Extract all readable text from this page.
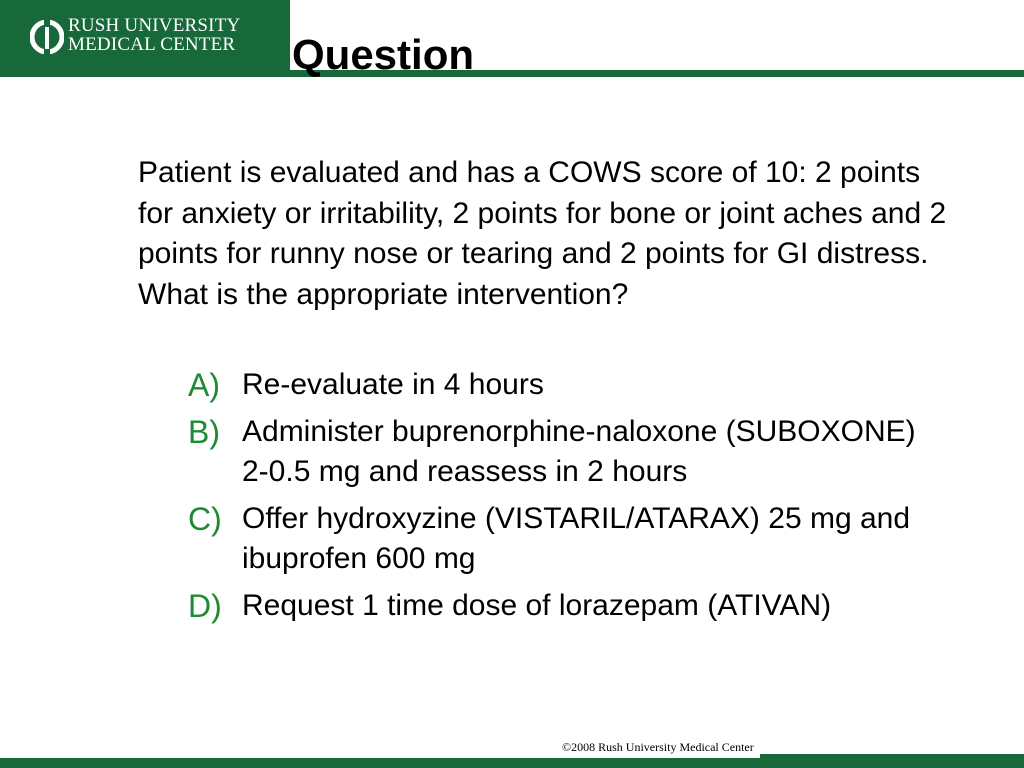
RUSH UNIVERSITY
MEDICAL CENTER Question

Patient is evaluated and has a COWS score of 10: 2 points for anxiety or irritability, 2 points for bone or joint aches and 2 points for runny nose or tearing and 2 points for GI distress. What is the appropriate intervention?

A) Re-evaluate in 4 hours
B) Administer buprenorphine-naloxone (SUBOXONE) 2-0.5 mg and reassess in 2 hours
C) Offer hydroxyzine (VISTARIL/ATARAX) 25 mg and ibuprofen 600 mg
D) Request 1 time dose of lorazepam (ATIVAN)
©2008 Rush University Medical Center
